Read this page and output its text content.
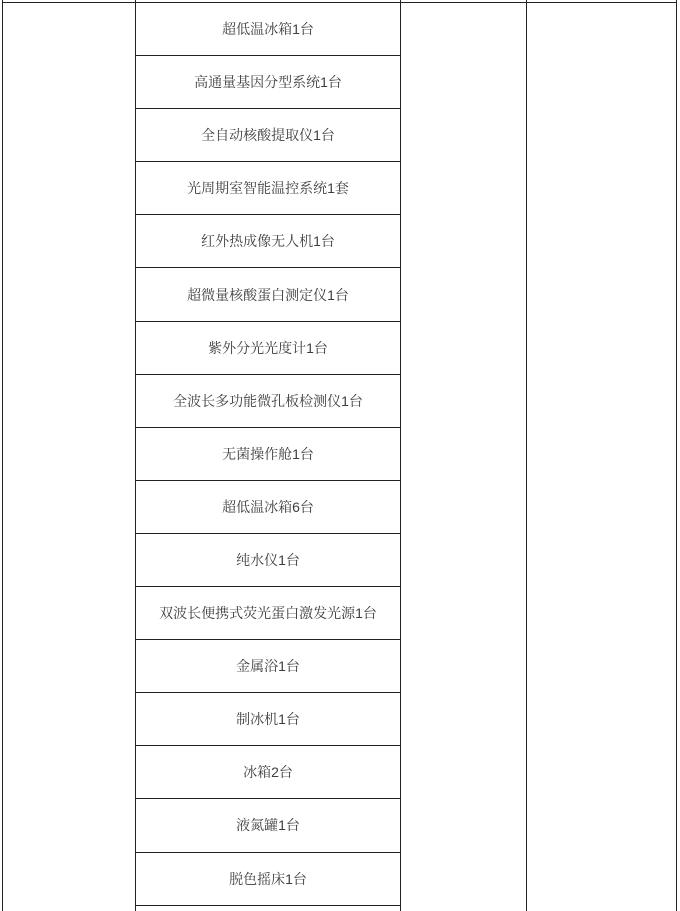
超低温冰箱1台
高通量基因分型系统1台
全自动核酸提取仪1台
光周期室智能温控系统1套
红外热成像无人机1台
超微量核酸蛋白测定仪1台
紫外分光光度计1台
全波长多功能微孔板检测仪1台
无菌操作舱1台
超低温冰箱6台
纯水仪1台
双波长便携式荧光蛋白激发光源1台
金属浴1台
制冰机1台
冰箱2台
液氮罐1台
脱色摇床1台
